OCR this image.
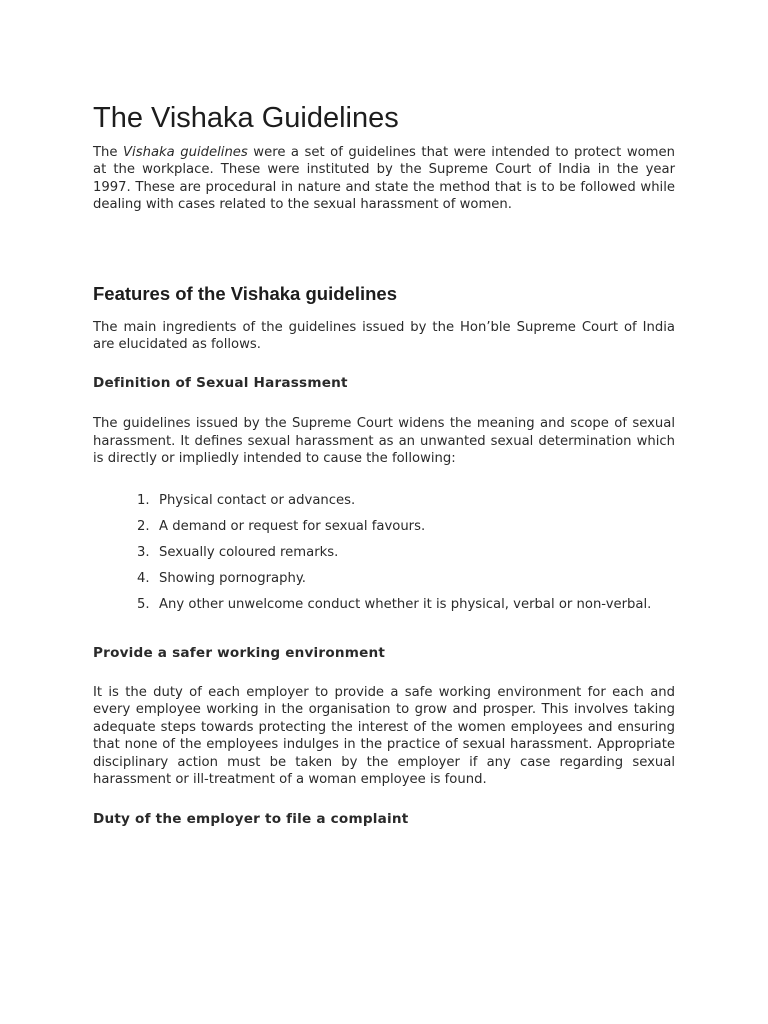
The Vishaka Guidelines

The Vishaka guidelines were a set of guidelines that were intended to protect women at the workplace. These were instituted by the Supreme Court of India in the year 1997. These are procedural in nature and state the method that is to be followed while dealing with cases related to the sexual harassment of women.

Features of the Vishaka guidelines

The main ingredients of the guidelines issued by the Hon’ble Supreme Court of India are elucidated as follows.

Definition of Sexual Harassment

The guidelines issued by the Supreme Court widens the meaning and scope of sexual harassment. It defines sexual harassment as an unwanted sexual determination which is directly or impliedly intended to cause the following:

1. Physical contact or advances.
2. A demand or request for sexual favours.
3. Sexually coloured remarks.
4. Showing pornography.
5. Any other unwelcome conduct whether it is physical, verbal or non-verbal.
Provide a safer working environment

It is the duty of each employer to provide a safe working environment for each and every employee working in the organisation to grow and prosper. This involves taking adequate steps towards protecting the interest of the women employees and ensuring that none of the employees indulges in the practice of sexual harassment. Appropriate disciplinary action must be taken by the employer if any case regarding sexual harassment or ill-treatment of a woman employee is found.

Duty of the employer to file a complaint
